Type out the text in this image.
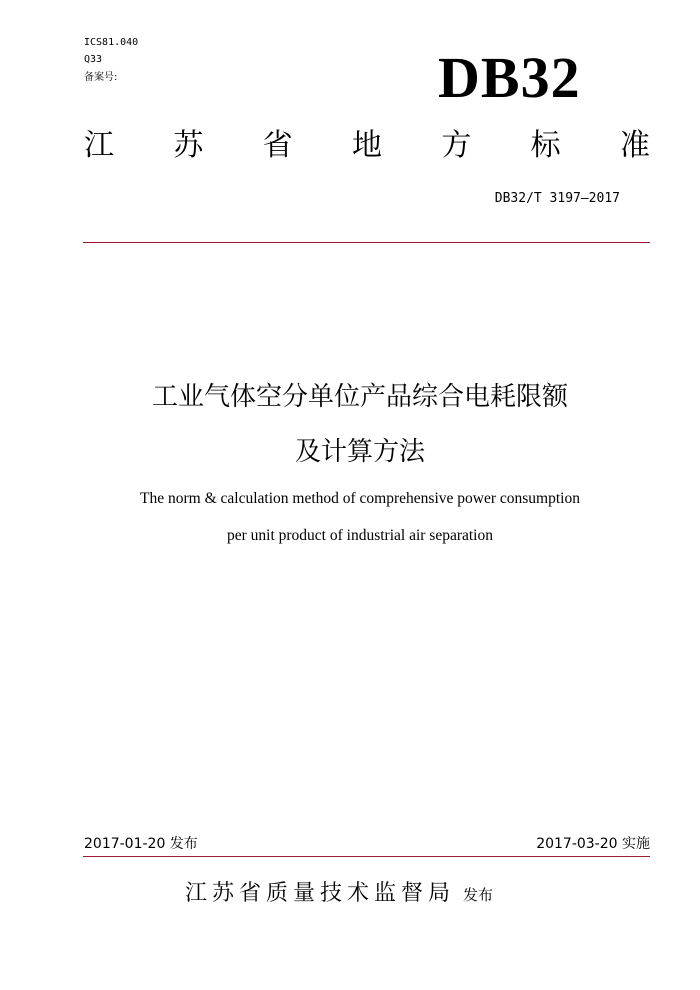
ICS81.040
Q33
备案号:	DB32
江 苏 省 地 方 标 准
DB32/T 3197—2017
工业气体空分单位产品综合电耗限额
及计算方法
The norm & calculation method of comprehensive power consumption
per unit product of industrial air separation
2017-01-20 发布	2017-03-20 实施
江苏省质量技术监督局 发布
